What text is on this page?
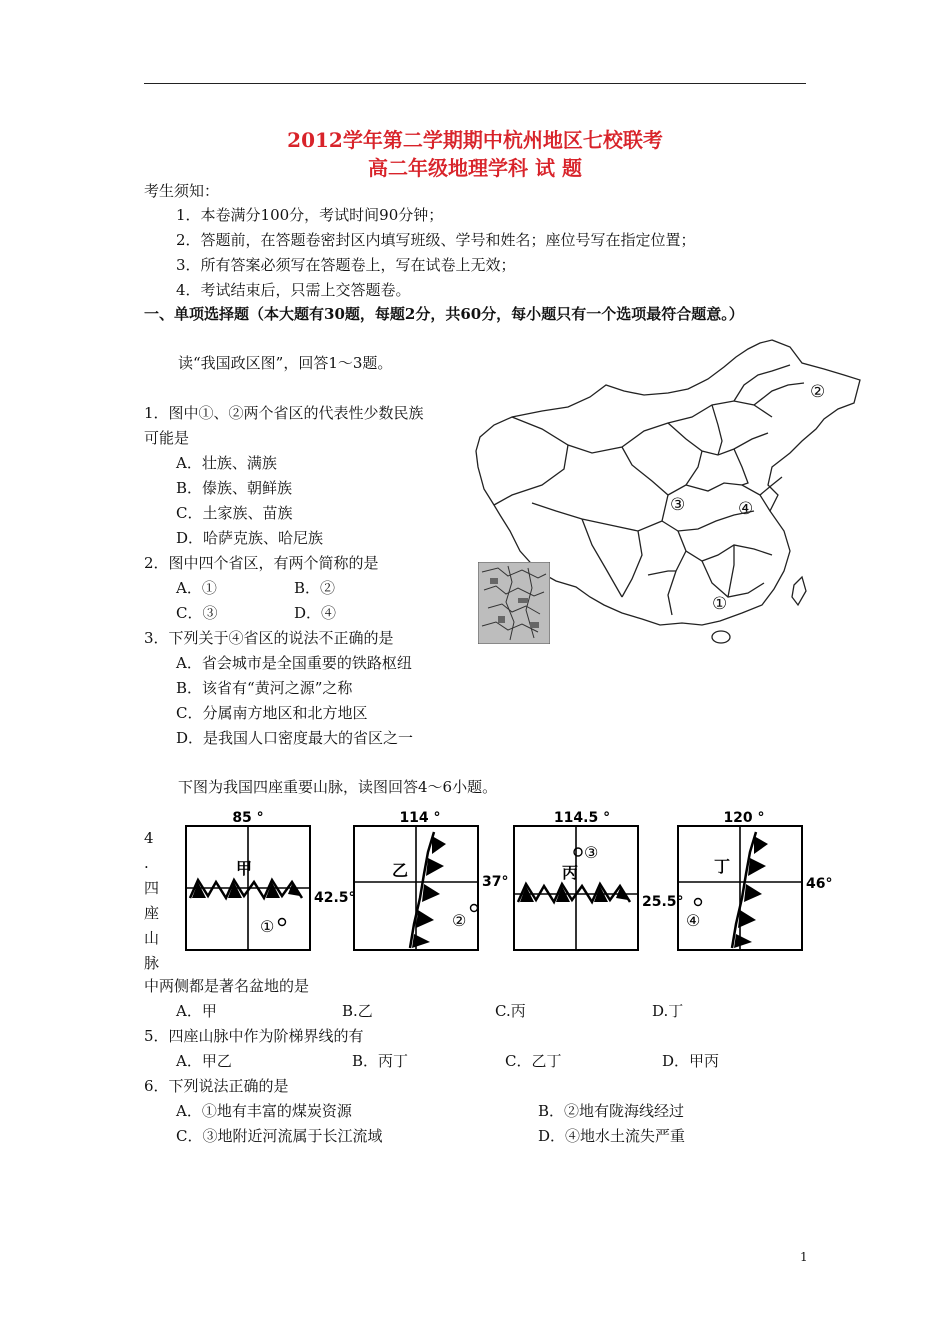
2012学年第二学期期中杭州地区七校联考
高二年级地理学科 试 题
考生须知：
1．本卷满分100分，考试时间90分钟；
2．答题前，在答题卷密封区内填写班级、学号和姓名；座位号写在指定位置；
3．所有答案必须写在答题卷上，写在试卷上无效；
4．考试结束后，只需上交答题卷。
一、单项选择题（本大题有30题，每题2分，共60分，每小题只有一个选项最符合题意。）
读“我国政区图”，回答1～3题。
①
②
③	④
1．图中①、②两个省区的代表性少数民族
可能是
A．壮族、满族
B．傣族、朝鲜族
C．土家族、苗族
D．哈萨克族、哈尼族
2．图中四个省区，有两个简称的是
A．①	B．②
C．③	D．④
3．下列关于④省区的说法不正确的是
A．省会城市是全国重要的铁路枢纽
B．该省有“黄河之源”之称
C．分属南方地区和北方地区
D．是我国人口密度最大的省区之一
下图为我国四座重要山脉，读图回答4～6小题。
85 °
42.5°
甲
①
114 °
37°
乙
②
114.5 °
25.5°
丙
③
120 °
46°
丁
④
4
.
四
座
山
脉
中两侧都是著名盆地的是
A．甲	B.乙	C.丙	D.丁
5．四座山脉中作为阶梯界线的有
A．甲乙	B．丙丁	C．乙丁	D．甲丙
6．下列说法正确的是
A．①地有丰富的煤炭资源	B．②地有陇海线经过
C．③地附近河流属于长江流域	D．④地水土流失严重
1
